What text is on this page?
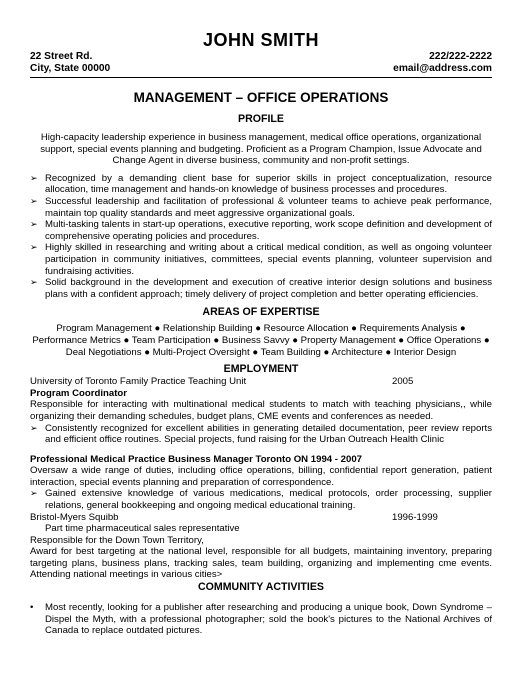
JOHN SMITH
22 Street Rd.	222/222-2222
City, State 00000	email@address.com
MANAGEMENT – OFFICE OPERATIONS
PROFILE
High-capacity leadership experience in business management, medical office operations, organizational support, special events planning and budgeting. Proficient as a Program Champion, Issue Advocate and Change Agent in diverse business, community and non-profit settings.
➢ Recognized by a demanding client base for superior skills in project conceptualization, resource allocation, time management and hands-on knowledge of business processes and procedures.
➢ Successful leadership and facilitation of professional & volunteer teams to achieve peak performance, maintain top quality standards and meet aggressive organizational goals.
➢ Multi-tasking talents in start-up operations, executive reporting, work scope definition and development of comprehensive operating policies and procedures.
➢ Highly skilled in researching and writing about a critical medical condition, as well as ongoing volunteer participation in community initiatives, committees, special events planning, volunteer supervision and fundraising activities.
➢ Solid background in the development and execution of creative interior design solutions and business plans with a confident approach; timely delivery of project completion and better operating efficiencies.
AREAS OF EXPERTISE
Program Management ● Relationship Building ● Resource Allocation ● Requirements Analysis ● Performance Metrics ● Team Participation ● Business Savvy ● Property Management ● Office Operations ● Deal Negotiations ● Multi-Project Oversight ● Team Building ● Architecture ● Interior Design
EMPLOYMENT
University of Toronto Family Practice Teaching Unit	2005
Program Coordinator
Responsible for interacting with multinational medical students to match with teaching physicians,, while organizing their demanding schedules, budget plans, CME events and conferences as needed.
➢ Consistently recognized for excellent abilities in generating detailed documentation, peer review reports and efficient office routines. Special projects, fund raising for the Urban Outreach Health Clinic
Professional Medical Practice Business Manager Toronto ON 1994 - 2007
Oversaw a wide range of duties, including office operations, billing, confidential report generation, patient interaction, special events planning and preparation of correspondence.
➢ Gained extensive knowledge of various medications, medical protocols, order processing, supplier relations, general bookkeeping and ongoing medical educational training.
Bristol-Myers Squibb	1996-1999
Part time pharmaceutical sales representative
Responsible for the Down Town Territory,
Award for best targeting at the national level, responsible for all budgets, maintaining inventory, preparing targeting plans, business plans, tracking sales, team building, organizing and implementing cme events. Attending national meetings in various cities>
COMMUNITY ACTIVITIES
• Most recently, looking for a publisher after researching and producing a unique book, Down Syndrome – Dispel the Myth, with a professional photographer; sold the book's pictures to the National Archives of Canada to replace outdated pictures.
